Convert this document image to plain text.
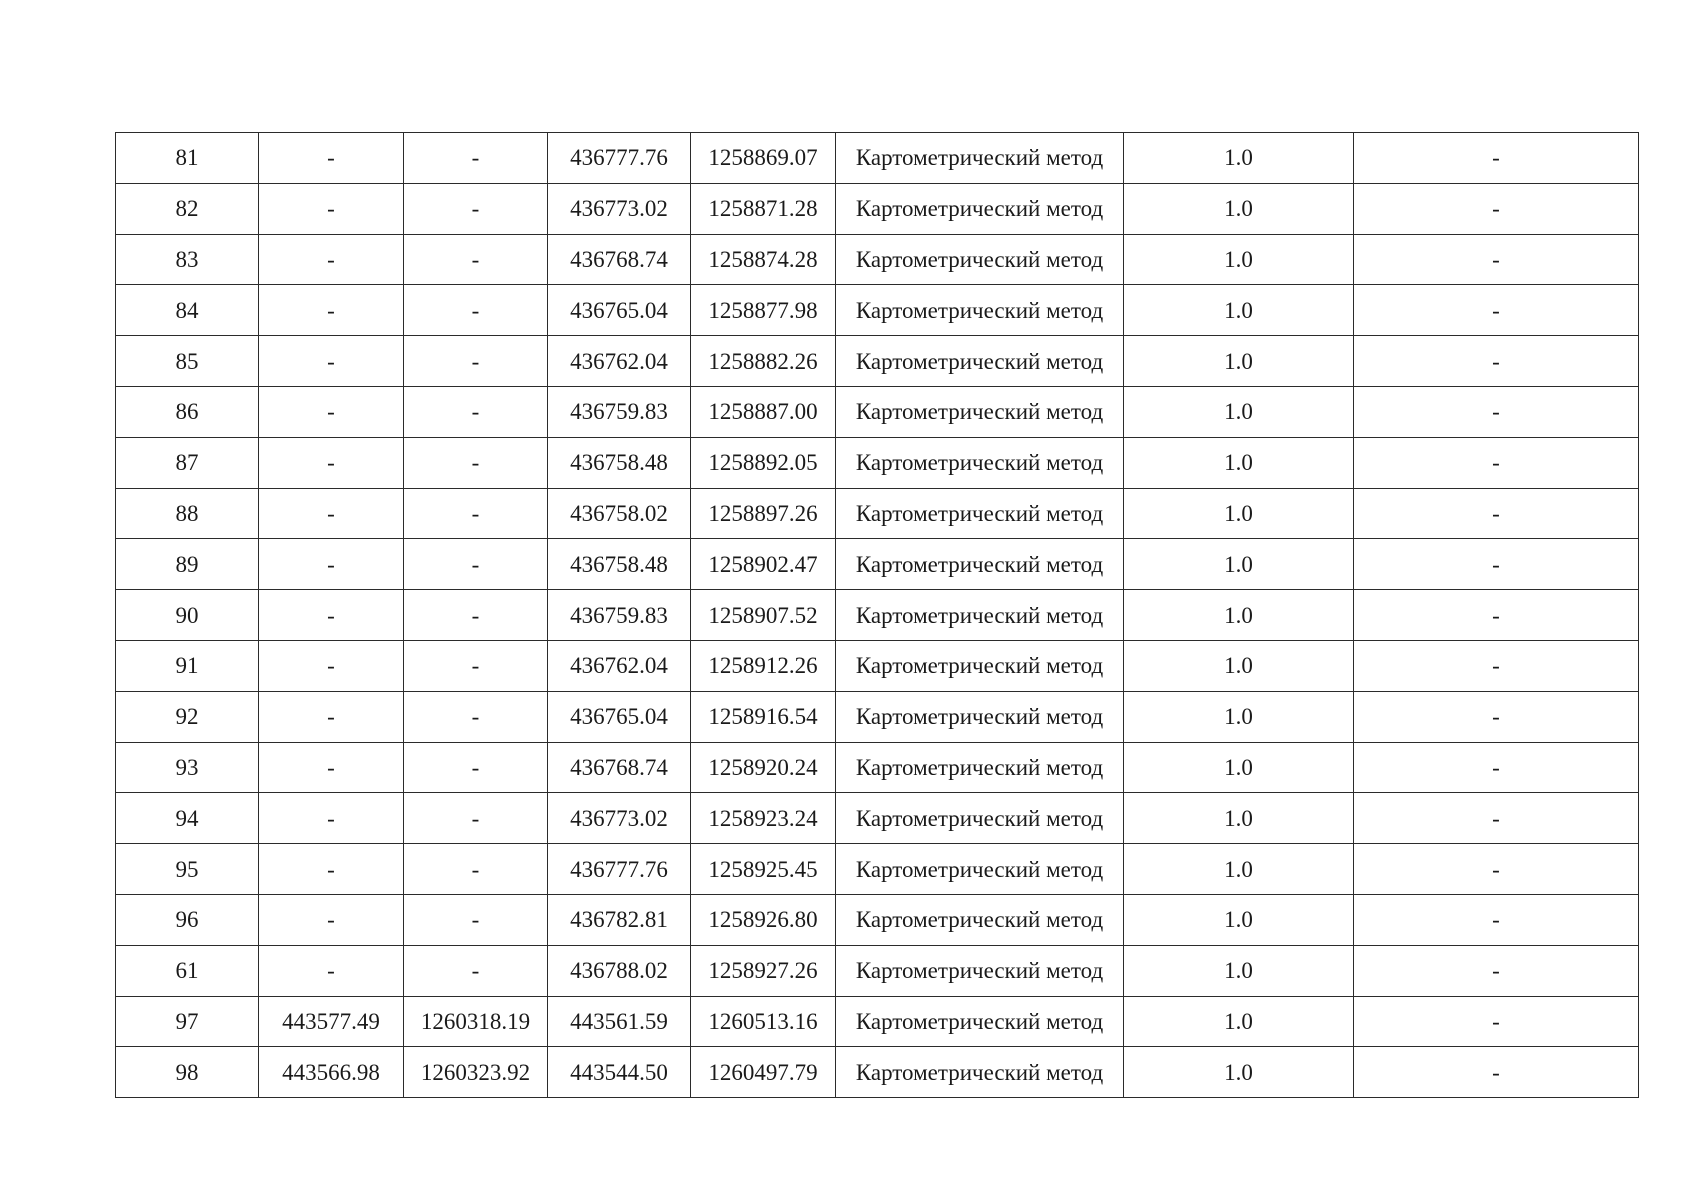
81	-	-	436777.76	1258869.07	Картометрический метод	1.0	-
82	-	-	436773.02	1258871.28	Картометрический метод	1.0	-
83	-	-	436768.74	1258874.28	Картометрический метод	1.0	-
84	-	-	436765.04	1258877.98	Картометрический метод	1.0	-
85	-	-	436762.04	1258882.26	Картометрический метод	1.0	-
86	-	-	436759.83	1258887.00	Картометрический метод	1.0	-
87	-	-	436758.48	1258892.05	Картометрический метод	1.0	-
88	-	-	436758.02	1258897.26	Картометрический метод	1.0	-
89	-	-	436758.48	1258902.47	Картометрический метод	1.0	-
90	-	-	436759.83	1258907.52	Картометрический метод	1.0	-
91	-	-	436762.04	1258912.26	Картометрический метод	1.0	-
92	-	-	436765.04	1258916.54	Картометрический метод	1.0	-
93	-	-	436768.74	1258920.24	Картометрический метод	1.0	-
94	-	-	436773.02	1258923.24	Картометрический метод	1.0	-
95	-	-	436777.76	1258925.45	Картометрический метод	1.0	-
96	-	-	436782.81	1258926.80	Картометрический метод	1.0	-
61	-	-	436788.02	1258927.26	Картометрический метод	1.0	-
97	443577.49	1260318.19	443561.59	1260513.16	Картометрический метод	1.0	-
98	443566.98	1260323.92	443544.50	1260497.79	Картометрический метод	1.0	-
